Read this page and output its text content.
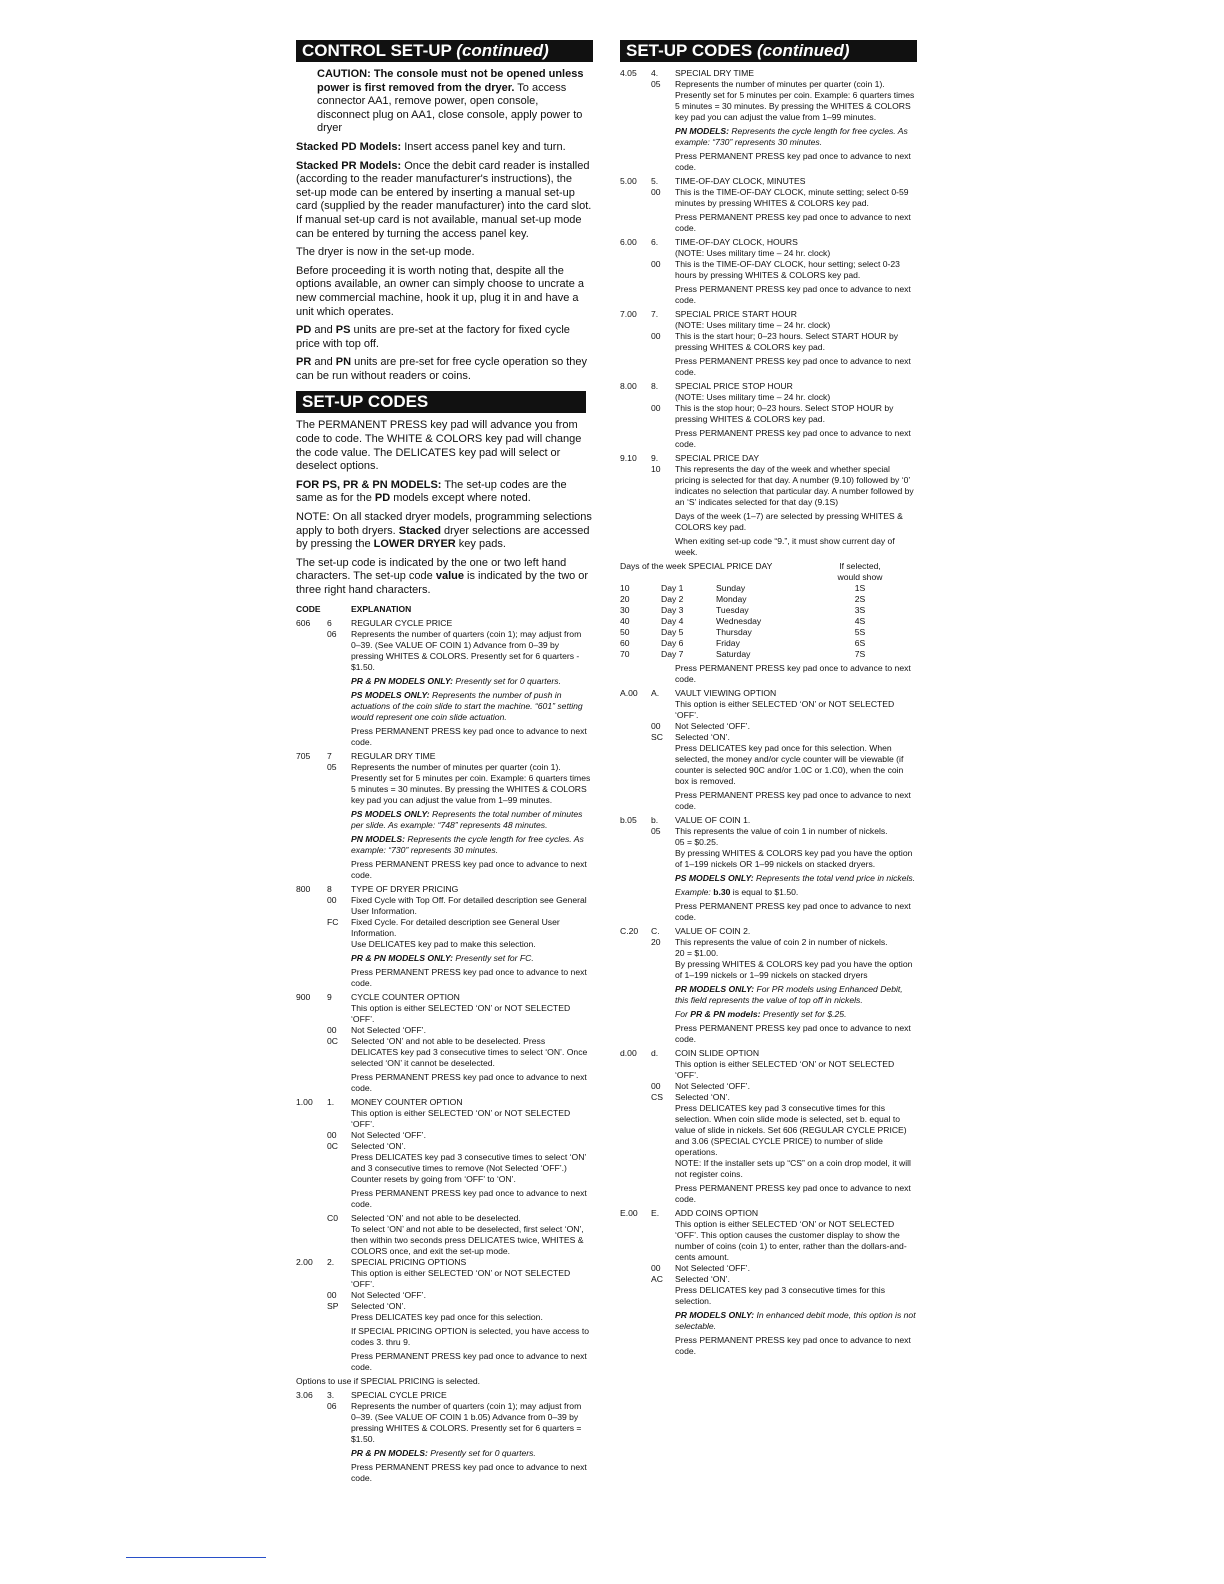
CONTROL SET-UP (continued)

CAUTION: The console must not be opened unless power is first removed from the dryer. To access connector AA1, remove power, open console, disconnect plug on AA1, close console, apply power to dryer

Stacked PD Models: Insert access panel key and turn.

Stacked PR Models: Once the debit card reader is installed (according to the reader manufacturer's instructions), the set-up mode can be entered by inserting a manual set-up card (supplied by the reader manufacturer) into the card slot. If manual set-up card is not available, manual set-up mode can be entered by turning the access panel key.

The dryer is now in the set-up mode.

Before proceeding it is worth noting that, despite all the options available, an owner can simply choose to uncrate a new commercial machine, hook it up, plug it in and have a unit which operates.

PD and PS units are pre-set at the factory for fixed cycle price with top off.

PR and PN units are pre-set for free cycle operation so they can be run without readers or coins.

SET-UP CODES

The PERMANENT PRESS key pad will advance you from code to code. The WHITE & COLORS key pad will change the code value. The DELICATES key pad will select or deselect options.

FOR PS, PR & PN MODELS: The set-up codes are the same as for the PD models except where noted.

NOTE: On all stacked dryer models, programming selections apply to both dryers. Stacked dryer selections are accessed by pressing the LOWER DRYER key pads.

The set-up code is indicated by the one or two left hand characters. The set-up code value is indicated by the two or three right hand characters.

CODE	EXPLANATION
606	6	REGULAR CYCLE PRICE
06	Represents the number of quarters (coin 1); may adjust from 0–39. (See VALUE OF COIN 1) Advance from 0–39 by pressing WHITES & COLORS. Presently set for 6 quarters - $1.50.
PR & PN MODELS ONLY: Presently set for 0 quarters.
PS MODELS ONLY: Represents the number of push in actuations of the coin slide to start the machine. “601” setting would represent one coin slide actuation.
Press PERMANENT PRESS key pad once to advance to next code.
705	7	REGULAR DRY TIME
05	Represents the number of minutes per quarter (coin 1). Presently set for 5 minutes per coin. Example: 6 quarters times 5 minutes = 30 minutes. By pressing the WHITES & COLORS key pad you can adjust the value from 1–99 minutes.
PS MODELS ONLY: Represents the total number of minutes per slide. As example: “748” represents 48 minutes.
PN MODELS: Represents the cycle length for free cycles. As example: “730” represents 30 minutes.
Press PERMANENT PRESS key pad once to advance to next code.
800	8	TYPE OF DRYER PRICING
00	Fixed Cycle with Top Off. For detailed description see General User Information.
FC	Fixed Cycle. For detailed description see General User Information.
Use DELICATES key pad to make this selection.
PR & PN MODELS ONLY: Presently set for FC.
Press PERMANENT PRESS key pad once to advance to next code.
900	9	CYCLE COUNTER OPTION
This option is either SELECTED ‘ON’ or NOT SELECTED ‘OFF’.
00	Not Selected ‘OFF’.
0C	Selected ‘ON’ and not able to be deselected. Press DELICATES key pad 3 consecutive times to select ‘ON’. Once selected ‘ON’ it cannot be deselected.
Press PERMANENT PRESS key pad once to advance to next code.
1.00	1.	MONEY COUNTER OPTION
This option is either SELECTED ‘ON’ or NOT SELECTED ‘OFF’.
00	Not Selected ‘OFF’.
0C	Selected ‘ON’.
Press DELICATES key pad 3 consecutive times to select ‘ON’ and 3 consecutive times to remove (Not Selected ‘OFF’.) Counter resets by going from ‘OFF’ to ‘ON’.
Press PERMANENT PRESS key pad once to advance to next code.
C0	Selected ‘ON’ and not able to be deselected.
To select ‘ON’ and not able to be deselected, first select ‘ON’, then within two seconds press DELICATES twice, WHITES & COLORS once, and exit the set-up mode.
2.00	2.	SPECIAL PRICING OPTIONS
This option is either SELECTED ‘ON’ or NOT SELECTED ‘OFF’.
00	Not Selected ‘OFF’.
SP	Selected ‘ON’.
Press DELICATES key pad once for this selection.
If SPECIAL PRICING OPTION is selected, you have access to codes 3. thru 9.
Press PERMANENT PRESS key pad once to advance to next code.
Options to use if SPECIAL PRICING is selected.
3.06	3.	SPECIAL CYCLE PRICE
06	Represents the number of quarters (coin 1); may adjust from 0–39. (See VALUE OF COIN 1 b.05) Advance from 0–39 by pressing WHITES & COLORS. Presently set for 6 quarters = $1.50.
PR & PN MODELS: Presently set for 0 quarters.
Press PERMANENT PRESS key pad once to advance to next code.
SET-UP CODES (continued)
4.05	4.	SPECIAL DRY TIME
05	Represents the number of minutes per quarter (coin 1). Presently set for 5 minutes per coin. Example: 6 quarters times 5 minutes = 30 minutes. By pressing the WHITES & COLORS key pad you can adjust the value from 1–99 minutes.
PN MODELS: Represents the cycle length for free cycles. As example: “730” represents 30 minutes.
Press PERMANENT PRESS key pad once to advance to next code.
5.00	5.	TIME-OF-DAY CLOCK, MINUTES
00	This is the TIME-OF-DAY CLOCK, minute setting; select 0-59 minutes by pressing WHITES & COLORS key pad.
Press PERMANENT PRESS key pad once to advance to next code.
6.00	6.	TIME-OF-DAY CLOCK, HOURS
(NOTE: Uses military time – 24 hr. clock)
00	This is the TIME-OF-DAY CLOCK, hour setting; select 0-23 hours by pressing WHITES & COLORS key pad.
Press PERMANENT PRESS key pad once to advance to next code.
7.00	7.	SPECIAL PRICE START HOUR
(NOTE: Uses military time – 24 hr. clock)
00	This is the start hour; 0–23 hours. Select START HOUR by pressing WHITES & COLORS key pad.
Press PERMANENT PRESS key pad once to advance to next code.
8.00	8.	SPECIAL PRICE STOP HOUR
(NOTE: Uses military time – 24 hr. clock)
00	This is the stop hour; 0–23 hours. Select STOP HOUR by pressing WHITES & COLORS key pad.
Press PERMANENT PRESS key pad once to advance to next code.
9.10	9.	SPECIAL PRICE DAY
10	This represents the day of the week and whether special pricing is selected for that day. A number (9.10) followed by ‘0’ indicates no selection that particular day. A number followed by an ‘S’ indicates selected for that day (9.1S)
Days of the week (1–7) are selected by pressing WHITES & COLORS key pad.
When exiting set-up code “9.”, it must show current day of week.
Days of the week SPECIAL PRICE DAY			If selected, would show
10	Day 1	Sunday	1S
20	Day 2	Monday	2S
30	Day 3	Tuesday	3S
40	Day 4	Wednesday	4S
50	Day 5	Thursday	5S
60	Day 6	Friday	6S
70	Day 7	Saturday	7S
Press PERMANENT PRESS key pad once to advance to next code.
A.00	A.	VAULT VIEWING OPTION
This option is either SELECTED ‘ON’ or NOT SELECTED ‘OFF’.
00	Not Selected ‘OFF’.
SC	Selected ‘ON’.
Press DELICATES key pad once for this selection. When selected, the money and/or cycle counter will be viewable (if counter is selected 90C and/or 1.0C or 1.C0), when the coin box is removed.
Press PERMANENT PRESS key pad once to advance to next code.
b.05	b.	VALUE OF COIN 1.
05	This represents the value of coin 1 in number of nickels.
05 = $0.25.
By pressing WHITES & COLORS key pad you have the option of 1–199 nickels OR 1–99 nickels on stacked dryers.
PS MODELS ONLY: Represents the total vend price in nickels.
Example: b.30 is equal to $1.50.
Press PERMANENT PRESS key pad once to advance to next code.
C.20	C.	VALUE OF COIN 2.
20	This represents the value of coin 2 in number of nickels.
20 = $1.00.
By pressing WHITES & COLORS key pad you have the option of 1–199 nickels or 1–99 nickels on stacked dryers
PR MODELS ONLY: For PR models using Enhanced Debit, this field represents the value of top off in nickels.
For PR & PN models: Presently set for $.25.
Press PERMANENT PRESS key pad once to advance to next code.
d.00	d.	COIN SLIDE OPTION
This option is either SELECTED ‘ON’ or NOT SELECTED ‘OFF’.
00	Not Selected ‘OFF’.
CS	Selected ‘ON’.
Press DELICATES key pad 3 consecutive times for this selection. When coin slide mode is selected, set b. equal to value of slide in nickels. Set 606 (REGULAR CYCLE PRICE) and 3.06 (SPECIAL CYCLE PRICE) to number of slide operations.
NOTE: If the installer sets up “CS” on a coin drop model, it will not register coins.
Press PERMANENT PRESS key pad once to advance to next code.
E.00	E.	ADD COINS OPTION
This option is either SELECTED ‘ON’ or NOT SELECTED ‘OFF’. This option causes the customer display to show the number of coins (coin 1) to enter, rather than the dollars-and-cents amount.
00	Not Selected ‘OFF’.
AC	Selected ‘ON’.
Press DELICATES key pad 3 consecutive times for this selection.
PR MODELS ONLY: In enhanced debit mode, this option is not selectable.
Press PERMANENT PRESS key pad once to advance to next code.
